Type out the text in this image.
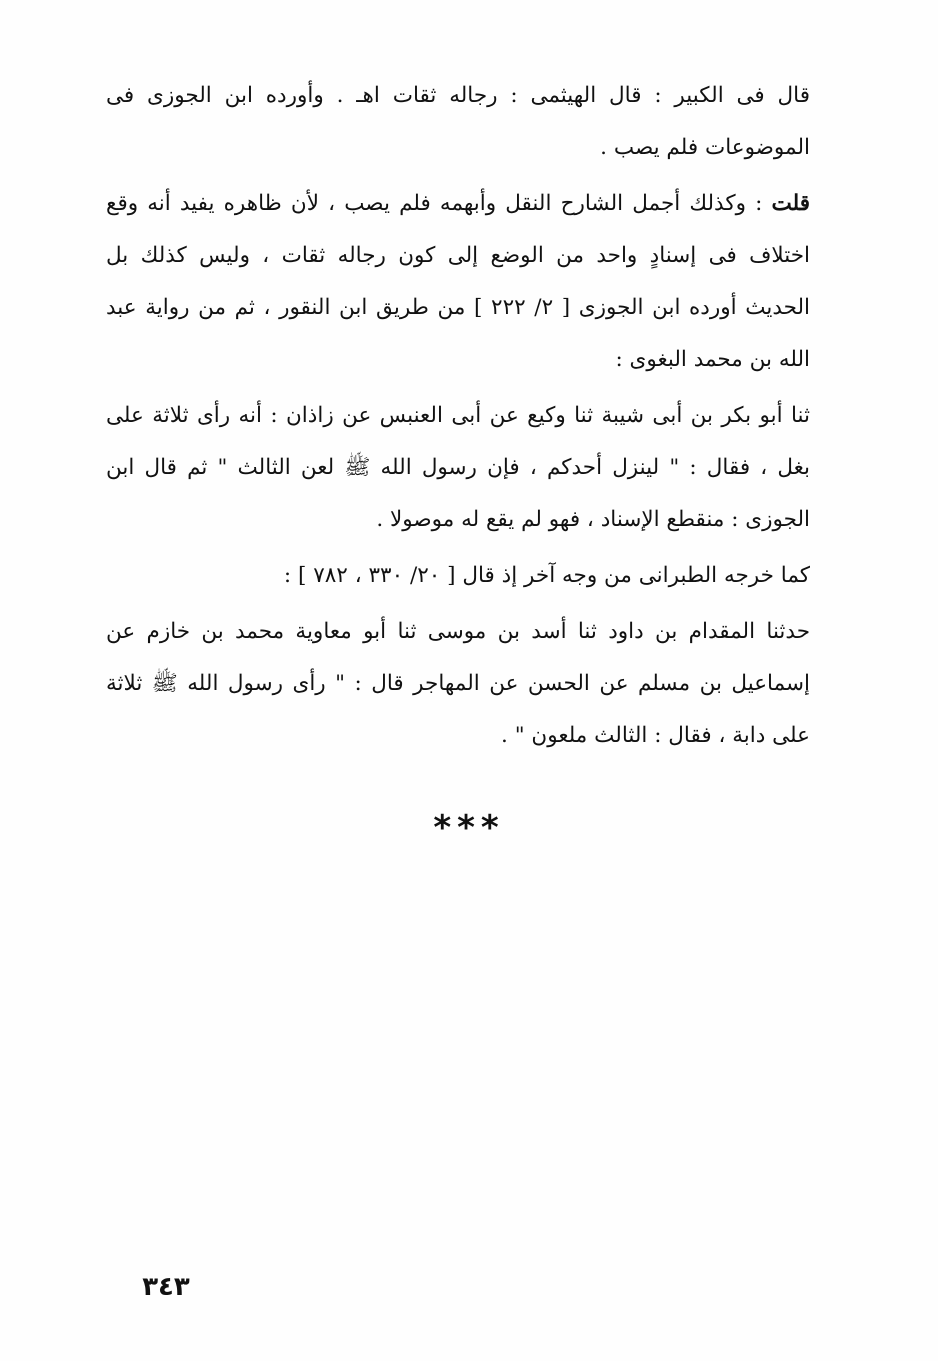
قال فى الكبير : قال الهيثمى : رجاله ثقات اهـ . وأورده ابن الجوزى فى الموضوعات فلم يصب .

قلت : وكذلك أجمل الشارح النقل وأبهمه فلم يصب ، لأن ظاهره يفيد أنه وقع اختلاف فى إسنادٍ واحد من الوضع إلى كون رجاله ثقات ، وليس كذلك بل الحديث أورده ابن الجوزى [ ٢/ ٢٢٢ ] من طريق ابن النقور ، ثم من رواية عبد الله بن محمد البغوى :

ثنا أبو بكر بن أبى شيبة ثنا وكيع عن أبى العنبس عن زاذان : أنه رأى ثلاثة على بغل ، فقال : " لينزل أحدكم ، فإن رسول الله ﷺ لعن الثالث " ثم قال ابن الجوزى : منقطع الإسناد ، فهو لم يقع له موصولا .

كما خرجه الطبرانى من وجه آخر إذ قال [ ٢٠/ ٣٣٠ ، ٧٨٢ ] :

حدثنا المقدام بن داود ثنا أسد بن موسى ثنا أبو معاوية محمد بن خازم عن إسماعيل بن مسلم عن الحسن عن المهاجر قال : " رأى رسول الله ﷺ ثلاثة على دابة ، فقال : الثالث ملعون " .

***
٣٤٣
